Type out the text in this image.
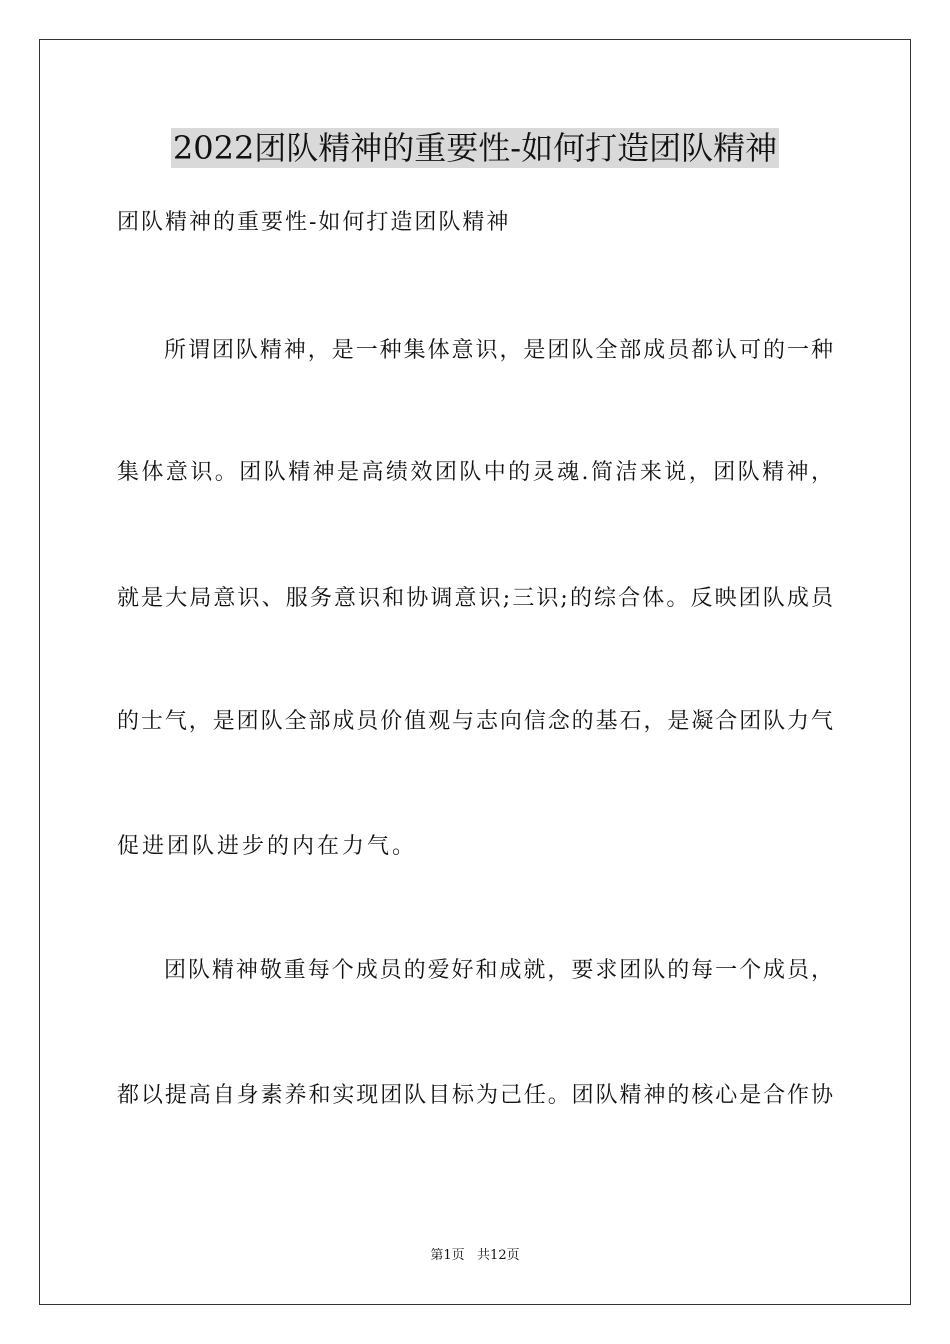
2022团队精神的重要性-如何打造团队精神
团队精神的重要性-如何打造团队精神
所谓团队精神，是一种集体意识，是团队全部成员都认可的一种
集体意识。团队精神是高绩效团队中的灵魂.简洁来说，团队精神，
就是大局意识、服务意识和协调意识;三识;的综合体。反映团队成员
的士气，是团队全部成员价值观与志向信念的基石，是凝合团队力气
促进团队进步的内在力气。
团队精神敬重每个成员的爱好和成就，要求团队的每一个成员，
都以提高自身素养和实现团队目标为己任。团队精神的核心是合作协
第1页   共12页
